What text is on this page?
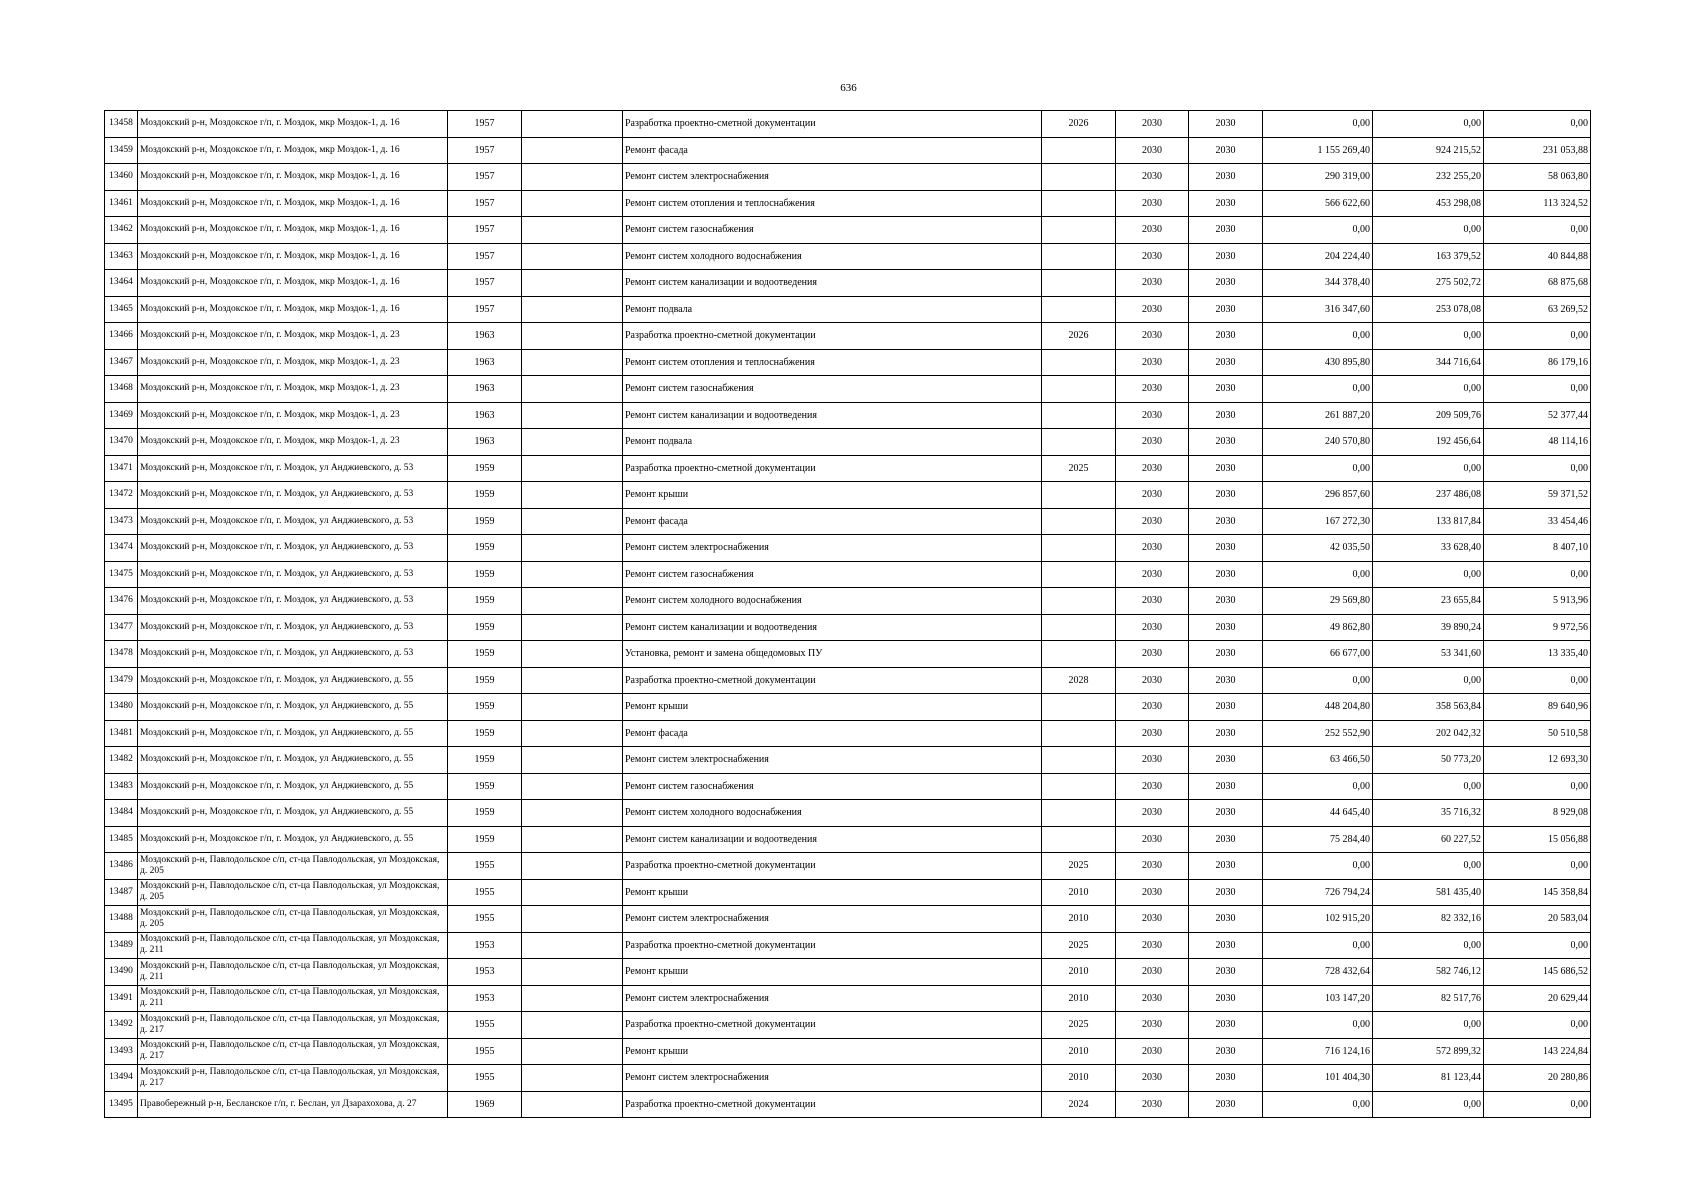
636
13458	Моздокский р-н, Моздокское г/п, г. Моздок, мкр Моздок-1, д. 16	1957		Разработка проектно-сметной документации	2026	2030	2030	0,00	0,00	0,00
13459	Моздокский р-н, Моздокское г/п, г. Моздок, мкр Моздок-1, д. 16	1957		Ремонт фасада		2030	2030	1 155 269,40	924 215,52	231 053,88
13460	Моздокский р-н, Моздокское г/п, г. Моздок, мкр Моздок-1, д. 16	1957		Ремонт систем электроснабжения		2030	2030	290 319,00	232 255,20	58 063,80
13461	Моздокский р-н, Моздокское г/п, г. Моздок, мкр Моздок-1, д. 16	1957		Ремонт систем отопления и теплоснабжения		2030	2030	566 622,60	453 298,08	113 324,52
13462	Моздокский р-н, Моздокское г/п, г. Моздок, мкр Моздок-1, д. 16	1957		Ремонт систем газоснабжения		2030	2030	0,00	0,00	0,00
13463	Моздокский р-н, Моздокское г/п, г. Моздок, мкр Моздок-1, д. 16	1957		Ремонт систем холодного водоснабжения		2030	2030	204 224,40	163 379,52	40 844,88
13464	Моздокский р-н, Моздокское г/п, г. Моздок, мкр Моздок-1, д. 16	1957		Ремонт систем канализации и водоотведения		2030	2030	344 378,40	275 502,72	68 875,68
13465	Моздокский р-н, Моздокское г/п, г. Моздок, мкр Моздок-1, д. 16	1957		Ремонт подвала		2030	2030	316 347,60	253 078,08	63 269,52
13466	Моздокский р-н, Моздокское г/п, г. Моздок, мкр Моздок-1, д. 23	1963		Разработка проектно-сметной документации	2026	2030	2030	0,00	0,00	0,00
13467	Моздокский р-н, Моздокское г/п, г. Моздок, мкр Моздок-1, д. 23	1963		Ремонт систем отопления и теплоснабжения		2030	2030	430 895,80	344 716,64	86 179,16
13468	Моздокский р-н, Моздокское г/п, г. Моздок, мкр Моздок-1, д. 23	1963		Ремонт систем газоснабжения		2030	2030	0,00	0,00	0,00
13469	Моздокский р-н, Моздокское г/п, г. Моздок, мкр Моздок-1, д. 23	1963		Ремонт систем канализации и водоотведения		2030	2030	261 887,20	209 509,76	52 377,44
13470	Моздокский р-н, Моздокское г/п, г. Моздок, мкр Моздок-1, д. 23	1963		Ремонт подвала		2030	2030	240 570,80	192 456,64	48 114,16
13471	Моздокский р-н, Моздокское г/п, г. Моздок, ул Анджиевского, д. 53	1959		Разработка проектно-сметной документации	2025	2030	2030	0,00	0,00	0,00
13472	Моздокский р-н, Моздокское г/п, г. Моздок, ул Анджиевского, д. 53	1959		Ремонт крыши		2030	2030	296 857,60	237 486,08	59 371,52
13473	Моздокский р-н, Моздокское г/п, г. Моздок, ул Анджиевского, д. 53	1959		Ремонт фасада		2030	2030	167 272,30	133 817,84	33 454,46
13474	Моздокский р-н, Моздокское г/п, г. Моздок, ул Анджиевского, д. 53	1959		Ремонт систем электроснабжения		2030	2030	42 035,50	33 628,40	8 407,10
13475	Моздокский р-н, Моздокское г/п, г. Моздок, ул Анджиевского, д. 53	1959		Ремонт систем газоснабжения		2030	2030	0,00	0,00	0,00
13476	Моздокский р-н, Моздокское г/п, г. Моздок, ул Анджиевского, д. 53	1959		Ремонт систем холодного водоснабжения		2030	2030	29 569,80	23 655,84	5 913,96
13477	Моздокский р-н, Моздокское г/п, г. Моздок, ул Анджиевского, д. 53	1959		Ремонт систем канализации и водоотведения		2030	2030	49 862,80	39 890,24	9 972,56
13478	Моздокский р-н, Моздокское г/п, г. Моздок, ул Анджиевского, д. 53	1959		Установка, ремонт и замена общедомовых ПУ		2030	2030	66 677,00	53 341,60	13 335,40
13479	Моздокский р-н, Моздокское г/п, г. Моздок, ул Анджиевского, д. 55	1959		Разработка проектно-сметной документации	2028	2030	2030	0,00	0,00	0,00
13480	Моздокский р-н, Моздокское г/п, г. Моздок, ул Анджиевского, д. 55	1959		Ремонт крыши		2030	2030	448 204,80	358 563,84	89 640,96
13481	Моздокский р-н, Моздокское г/п, г. Моздок, ул Анджиевского, д. 55	1959		Ремонт фасада		2030	2030	252 552,90	202 042,32	50 510,58
13482	Моздокский р-н, Моздокское г/п, г. Моздок, ул Анджиевского, д. 55	1959		Ремонт систем электроснабжения		2030	2030	63 466,50	50 773,20	12 693,30
13483	Моздокский р-н, Моздокское г/п, г. Моздок, ул Анджиевского, д. 55	1959		Ремонт систем газоснабжения		2030	2030	0,00	0,00	0,00
13484	Моздокский р-н, Моздокское г/п, г. Моздок, ул Анджиевского, д. 55	1959		Ремонт систем холодного водоснабжения		2030	2030	44 645,40	35 716,32	8 929,08
13485	Моздокский р-н, Моздокское г/п, г. Моздок, ул Анджиевского, д. 55	1959		Ремонт систем канализации и водоотведения		2030	2030	75 284,40	60 227,52	15 056,88
13486	Моздокский р-н, Павлодольское с/п, ст-ца Павлодольская, ул Моздокская, д. 205	1955		Разработка проектно-сметной документации	2025	2030	2030	0,00	0,00	0,00
13487	Моздокский р-н, Павлодольское с/п, ст-ца Павлодольская, ул Моздокская, д. 205	1955		Ремонт крыши	2010	2030	2030	726 794,24	581 435,40	145 358,84
13488	Моздокский р-н, Павлодольское с/п, ст-ца Павлодольская, ул Моздокская, д. 205	1955		Ремонт систем электроснабжения	2010	2030	2030	102 915,20	82 332,16	20 583,04
13489	Моздокский р-н, Павлодольское с/п, ст-ца Павлодольская, ул Моздокская, д. 211	1953		Разработка проектно-сметной документации	2025	2030	2030	0,00	0,00	0,00
13490	Моздокский р-н, Павлодольское с/п, ст-ца Павлодольская, ул Моздокская, д. 211	1953		Ремонт крыши	2010	2030	2030	728 432,64	582 746,12	145 686,52
13491	Моздокский р-н, Павлодольское с/п, ст-ца Павлодольская, ул Моздокская, д. 211	1953		Ремонт систем электроснабжения	2010	2030	2030	103 147,20	82 517,76	20 629,44
13492	Моздокский р-н, Павлодольское с/п, ст-ца Павлодольская, ул Моздокская, д. 217	1955		Разработка проектно-сметной документации	2025	2030	2030	0,00	0,00	0,00
13493	Моздокский р-н, Павлодольское с/п, ст-ца Павлодольская, ул Моздокская, д. 217	1955		Ремонт крыши	2010	2030	2030	716 124,16	572 899,32	143 224,84
13494	Моздокский р-н, Павлодольское с/п, ст-ца Павлодольская, ул Моздокская, д. 217	1955		Ремонт систем электроснабжения	2010	2030	2030	101 404,30	81 123,44	20 280,86
13495	Правобережный р-н, Бесланское г/п, г. Беслан, ул Дзарахохова, д. 27	1969		Разработка проектно-сметной документации	2024	2030	2030	0,00	0,00	0,00
